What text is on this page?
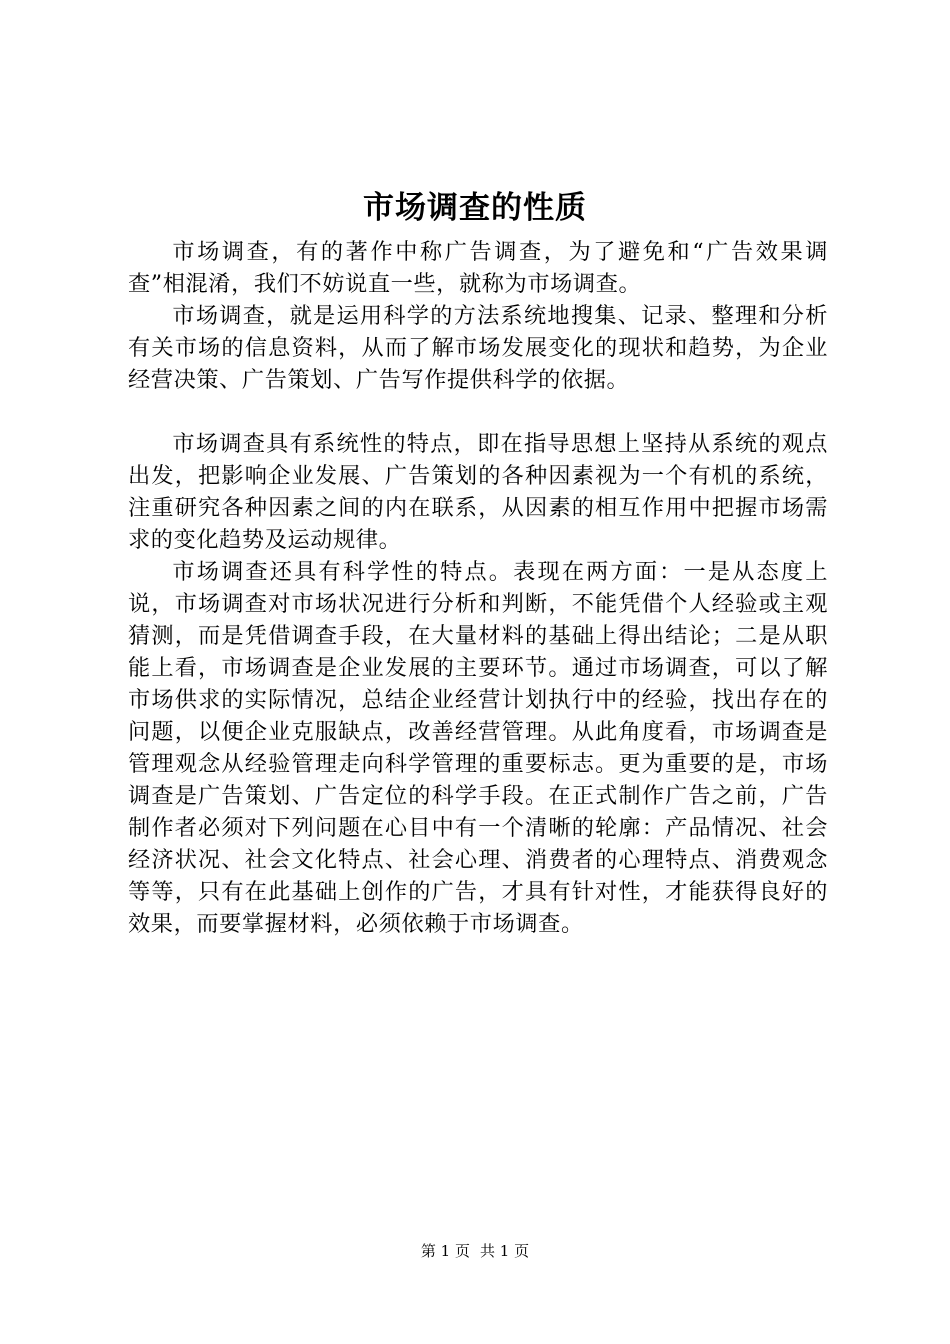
市场调查的性质

市场调查，有的著作中称广告调查，为了避免和“广告效果调查”相混淆，我们不妨说直一些，就称为市场调查。

市场调查，就是运用科学的方法系统地搜集、记录、整理和分析有关市场的信息资料，从而了解市场发展变化的现状和趋势，为企业经营决策、广告策划、广告写作提供科学的依据。

市场调查具有系统性的特点，即在指导思想上坚持从系统的观点出发，把影响企业发展、广告策划的各种因素视为一个有机的系统，注重研究各种因素之间的内在联系，从因素的相互作用中把握市场需求的变化趋势及运动规律。

市场调查还具有科学性的特点。表现在两方面：一是从态度上说，市场调查对市场状况进行分析和判断，不能凭借个人经验或主观猜测，而是凭借调查手段，在大量材料的基础上得出结论；二是从职能上看，市场调查是企业发展的主要环节。通过市场调查，可以了解市场供求的实际情况，总结企业经营计划执行中的经验，找出存在的问题，以便企业克服缺点，改善经营管理。从此角度看，市场调查是管理观念从经验管理走向科学管理的重要标志。更为重要的是，市场调查是广告策划、广告定位的科学手段。在正式制作广告之前，广告制作者必须对下列问题在心目中有一个清晰的轮廓：产品情况、社会经济状况、社会文化特点、社会心理、消费者的心理特点、消费观念等等，只有在此基础上创作的广告，才具有针对性，才能获得良好的效果，而要掌握材料，必须依赖于市场调查。

第 1 页 共 1 页
